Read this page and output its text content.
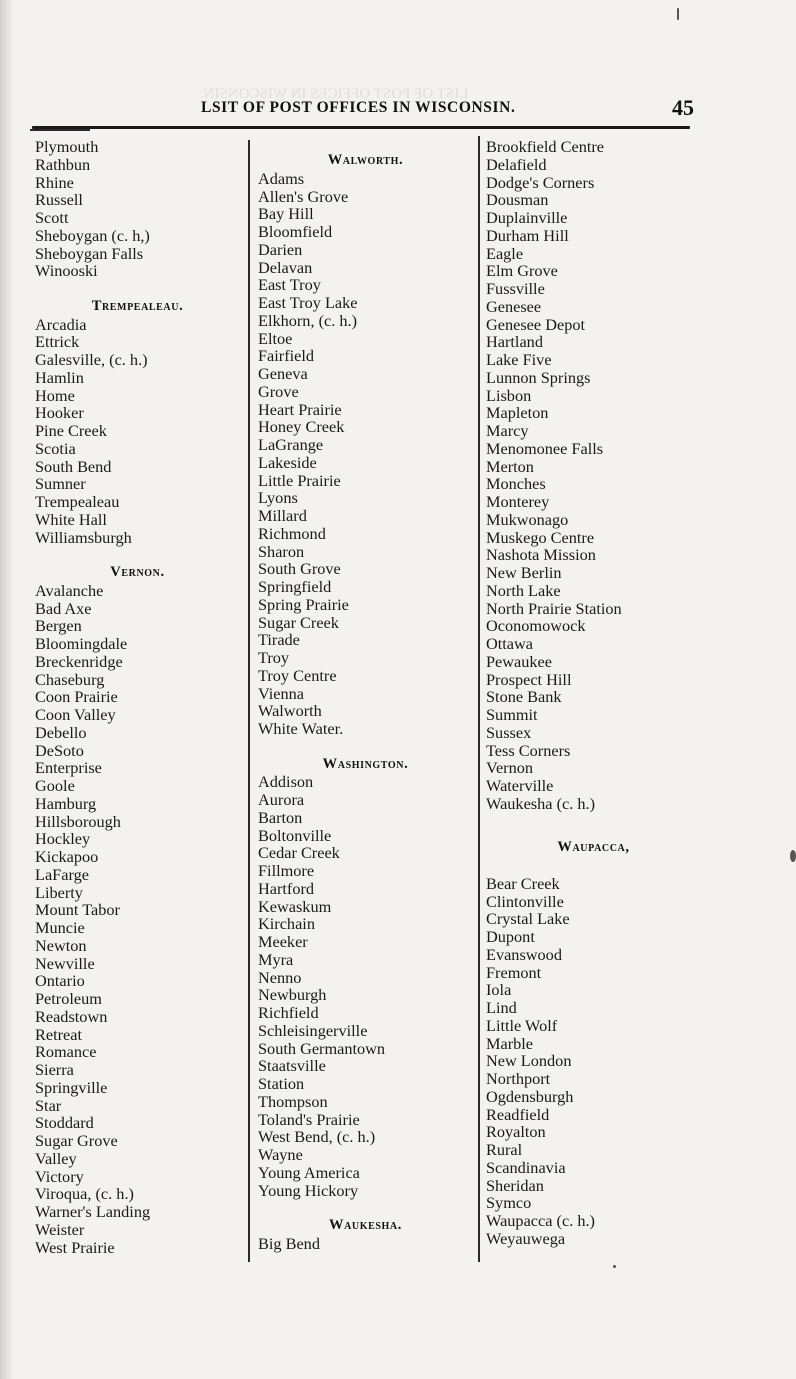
LIST OF POST OFFICES IN WISCONSIN.
LSIT OF POST OFFICES IN WISCONSIN.	45
Plymouth
Rathbun
Rhine
Russell
Scott
Sheboygan (c. h,)
Sheboygan Falls
Winooski
Trempealeau.
Arcadia
Ettrick
Galesville, (c. h.)
Hamlin
Home
Hooker
Pine Creek
Scotia
South Bend
Sumner
Trempealeau
White Hall
Williamsburgh
Vernon.
Avalanche
Bad Axe
Bergen
Bloomingdale
Breckenridge
Chaseburg
Coon Prairie
Coon Valley
Debello
DeSoto
Enterprise
Goole
Hamburg
Hillsborough
Hockley
Kickapoo
LaFarge
Liberty
Mount Tabor
Muncie
Newton
Newville
Ontario
Petroleum
Readstown
Retreat
Romance
Sierra
Springville
Star
Stoddard
Sugar Grove
Valley
Victory
Viroqua, (c. h.)
Warner's Landing
Weister
West Prairie
Walworth.
Adams
Allen's Grove
Bay Hill
Bloomfield
Darien
Delavan
East Troy
East Troy Lake
Elkhorn, (c. h.)
Eltoe
Fairfield
Geneva
Grove
Heart Prairie
Honey Creek
LaGrange
Lakeside
Little Prairie
Lyons
Millard
Richmond
Sharon
South Grove
Springfield
Spring Prairie
Sugar Creek
Tirade
Troy
Troy Centre
Vienna
Walworth
White Water.
Washington.
Addison
Aurora
Barton
Boltonville
Cedar Creek
Fillmore
Hartford
Kewaskum
Kirchain
Meeker
Myra
Nenno
Newburgh
Richfield
Schleisingerville
South Germantown
Staatsville
Station
Thompson
Toland's Prairie
West Bend, (c. h.)
Wayne
Young America
Young Hickory
Waukesha.
Big Bend
Brookfield Centre
Delafield
Dodge's Corners
Dousman
Duplainville
Durham Hill
Eagle
Elm Grove
Fussville
Genesee
Genesee Depot
Hartland
Lake Five
Lunnon Springs
Lisbon
Mapleton
Marcy
Menomonee Falls
Merton
Monches
Monterey
Mukwonago
Muskego Centre
Nashota Mission
New Berlin
North Lake
North Prairie Station
Oconomowock
Ottawa
Pewaukee
Prospect Hill
Stone Bank
Summit
Sussex
Tess Corners
Vernon
Waterville
Waukesha (c. h.)
Waupacca,
Bear Creek
Clintonville
Crystal Lake
Dupont
Evanswood
Fremont
Iola
Lind
Little Wolf
Marble
New London
Northport
Ogdensburgh
Readfield
Royalton
Rural
Scandinavia
Sheridan
Symco
Waupacca (c. h.)
Weyauwega
